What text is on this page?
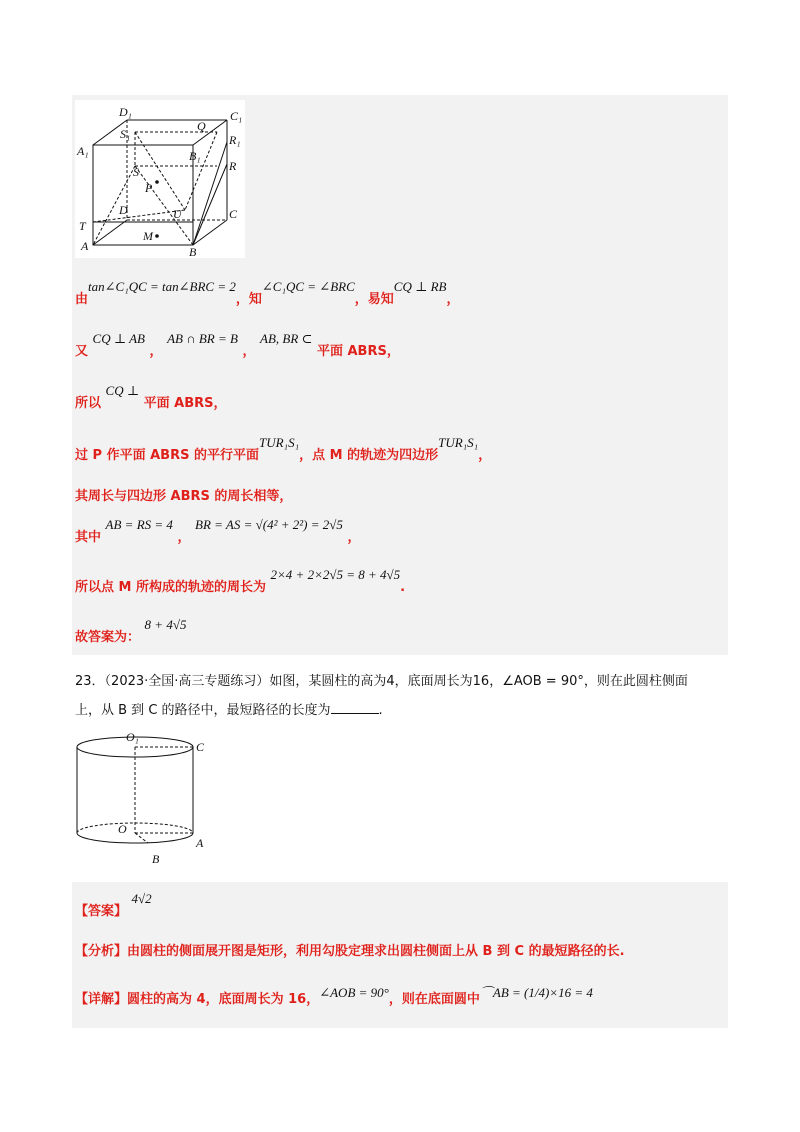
D₁	C₁
S₁
Q
R₁
A₁	B₁
R
S
P
D	U	C
T
A
M
B
由tan∠C₁QC = tan∠BRC = 2，知∠C₁QC = ∠BRC，易知CQ ⊥ RB，
又 CQ ⊥ AB ， AB ∩ BR = B ， AB, BR ⊂ 平面 ABRS，
所以 CQ ⊥ 平面 ABRS，
过 P 作平面 ABRS 的平行平面TUR₁S₁，点 M 的轨迹为四边形TUR₁S₁，
其周长与四边形 ABRS 的周长相等，
其中 AB = RS = 4 ， BR = AS = √(4² + 2²) = 2√5 ，
所以点 M 所构成的轨迹的周长为 2×4 + 2×2√5 = 8 + 4√5.
故答案为： 8 + 4√5
23．（2023·全国·高三专题练习）如图，某圆柱的高为4，底面周长为16，∠AOB = 90°，则在此圆柱侧面
上，从 B 到 C 的路径中，最短路径的长度为	.
O₁
C
O
A
B
【答案】 4√2
【分析】由圆柱的侧面展开图是矩形，利用勾股定理求出圆柱侧面上从 B 到 C 的最短路径的长.
【详解】圆柱的高为 4，底面周长为 16，∠AOB = 90°，则在底面圆中⌒AB = (1/4)×16 = 4
